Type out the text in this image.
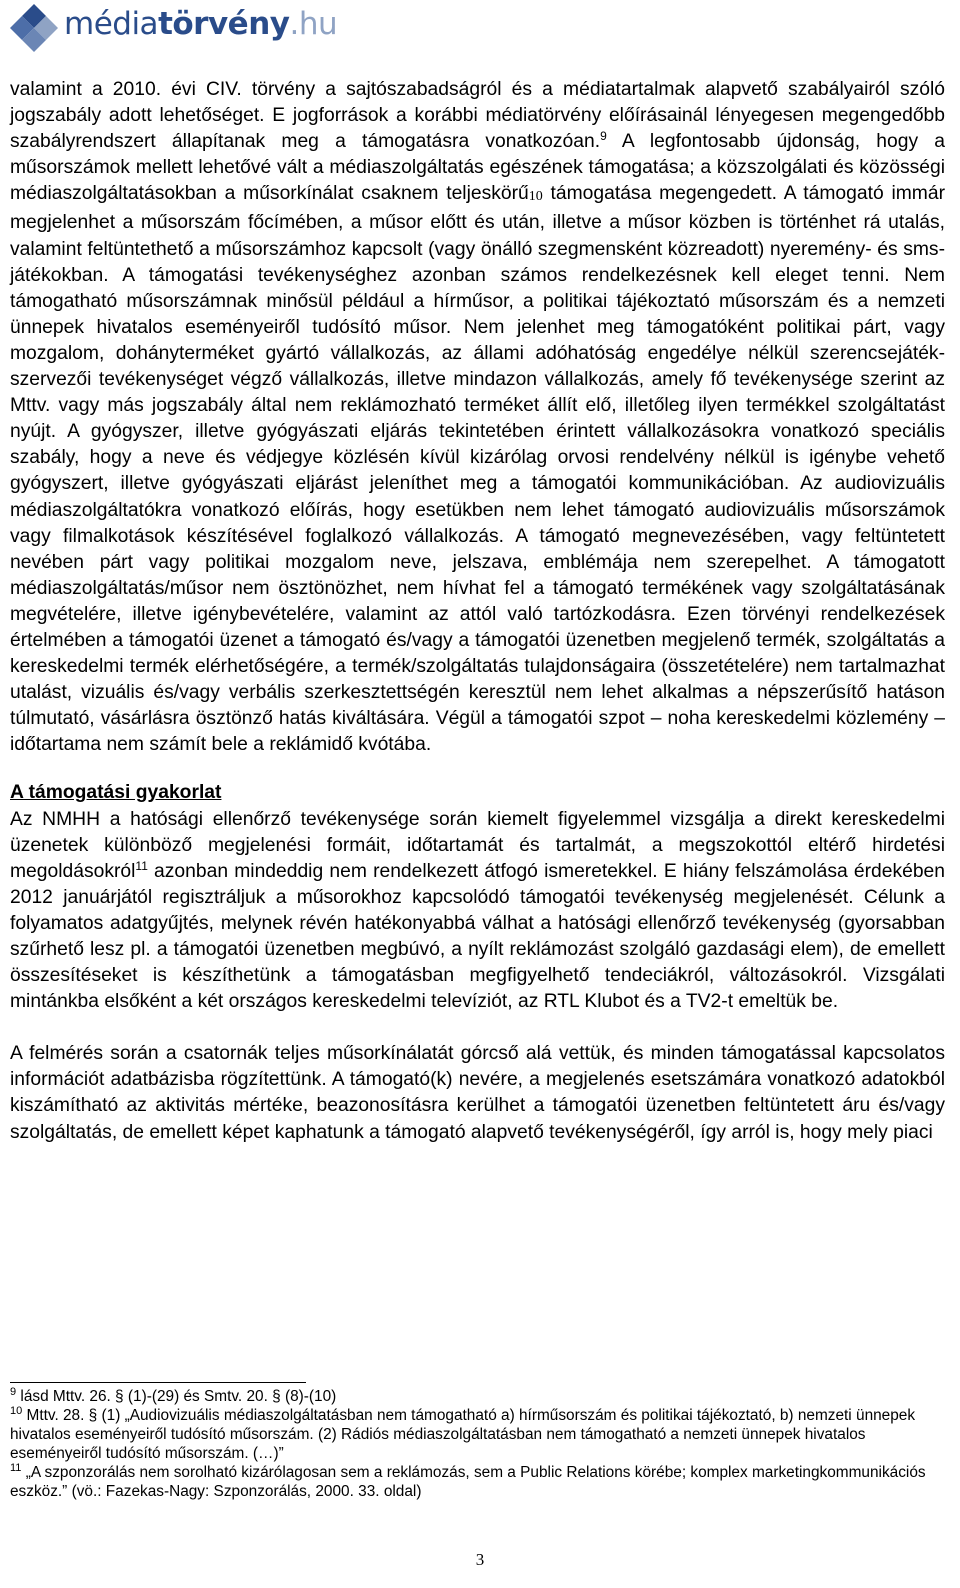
médiatörvény.hu

valamint a 2010. évi CIV. törvény a sajtószabadságról és a médiatartalmak alapvető szabályairól szóló jogszabály adott lehetőséget. E jogforrások a korábbi médiatörvény előírásainál lényegesen megengedőbb szabályrendszert állapítanak meg a támogatásra vonatkozóan.$^9$ A legfontosabb újdonság, hogy a műsorszámok mellett lehetővé vált a médiaszolgáltatás egészének támogatása; a közszolgálati és közösségi médiaszolgáltatásokban a műsorkínálat csaknem teljeskörű10 támogatása megengedett. A támogató immár megjelenhet a műsorszám főcímében, a műsor előtt és után, illetve a műsor közben is történhet rá utalás, valamint feltüntethető a műsorszámhoz kapcsolt (vagy önálló szegmensként közreadott) nyeremény- és sms-játékokban. A támogatási tevékenységhez azonban számos rendelkezésnek kell eleget tenni. Nem támogatható műsorszámnak minősül például a hírműsor, a politikai tájékoztató műsorszám és a nemzeti ünnepek hivatalos eseményeiről tudósító műsor. Nem jelenhet meg támogatóként politikai párt, vagy mozgalom, dohányterméket gyártó vállalkozás, az állami adóhatóság engedélye nélkül szerencsejáték-szervezői tevékenységet végző vállalkozás, illetve mindazon vállalkozás, amely fő tevékenysége szerint az Mttv. vagy más jogszabály által nem reklámozható terméket állít elő, illetőleg ilyen termékkel szolgáltatást nyújt. A gyógyszer, illetve gyógyászati eljárás tekintetében érintett vállalkozásokra vonatkozó speciális szabály, hogy a neve és védjegye közlésén kívül kizárólag orvosi rendelvény nélkül is igénybe vehető gyógyszert, illetve gyógyászati eljárást jeleníthet meg a támogatói kommunikációban. Az audiovizuális médiaszolgáltatókra vonatkozó előírás, hogy esetükben nem lehet támogató audiovizuális műsorszámok vagy filmalkotások készítésével foglalkozó vállalkozás. A támogató megnevezésében, vagy feltüntetett nevében párt vagy politikai mozgalom neve, jelszava, emblémája nem szerepelhet. A támogatott médiaszolgáltatás/műsor nem ösztönözhet, nem hívhat fel a támogató termékének vagy szolgáltatásának megvételére, illetve igénybevételére, valamint az attól való tartózkodásra. Ezen törvényi rendelkezések értelmében a támogatói üzenet a támogató és/vagy a támogatói üzenetben megjelenő termék, szolgáltatás a kereskedelmi termék elérhetőségére, a termék/szolgáltatás tulajdonságaira (összetételére) nem tartalmazhat utalást, vizuális és/vagy verbális szerkesztettségén keresztül nem lehet alkalmas a népszerűsítő hatáson túlmutató, vásárlásra ösztönző hatás kiváltására. Végül a támogatói szpot – noha kereskedelmi közlemény – időtartama nem számít bele a reklámidő kvótába.

A támogatási gyakorlat

Az NMHH a hatósági ellenőrző tevékenysége során kiemelt figyelemmel vizsgálja a direkt kereskedelmi üzenetek különböző megjelenési formáit, időtartamát és tartalmát, a megszokottól eltérő hirdetési megoldásokról$^{11}$ azonban mindeddig nem rendelkezett átfogó ismeretekkel. E hiány felszámolása érdekében 2012 januárjától regisztráljuk a műsorokhoz kapcsolódó támogatói tevékenység megjelenését. Célunk a folyamatos adatgyűjtés, melynek révén hatékonyabbá válhat a hatósági ellenőrző tevékenység (gyorsabban szűrhető lesz pl. a támogatói üzenetben megbúvó, a nyílt reklámozást szolgáló gazdasági elem), de emellett összesítéseket is készíthetünk a támogatásban megfigyelhető tendeciákról, változásokról. Vizsgálati mintánkba elsőként a két országos kereskedelmi televíziót, az RTL Klubot és a TV2-t emeltük be.

A felmérés során a csatornák teljes műsorkínálatát górcső alá vettük, és minden támogatással kapcsolatos információt adatbázisba rögzítettünk. A támogató(k) nevére, a megjelenés esetszámára vonatkozó adatokból kiszámítható az aktivitás mértéke, beazonosításra kerülhet a támogatói üzenetben feltüntetett áru és/vagy szolgáltatás, de emellett képet kaphatunk a támogató alapvető tevékenységéről, így arról is, hogy mely piaci

$^9$ lásd Mttv. 26. § (1)-(29) és Smtv. 20. § (8)-(10)

$^{10}$ Mttv. 28. § (1) „Audiovizuális médiaszolgáltatásban nem támogatható a) hírműsorszám és politikai tájékoztató, b) nemzeti ünnepek hivatalos eseményeiről tudósító műsorszám. (2) Rádiós médiaszolgáltatásban nem támogatható a nemzeti ünnepek hivatalos eseményeiről tudósító műsorszám. (…)”

$^{11}$ „A szponzorálás nem sorolható kizárólagosan sem a reklámozás, sem a Public Relations körébe; komplex marketingkommunikációs eszköz.” (vö.: Fazekas-Nagy: Szponzorálás, 2000. 33. oldal)

3
